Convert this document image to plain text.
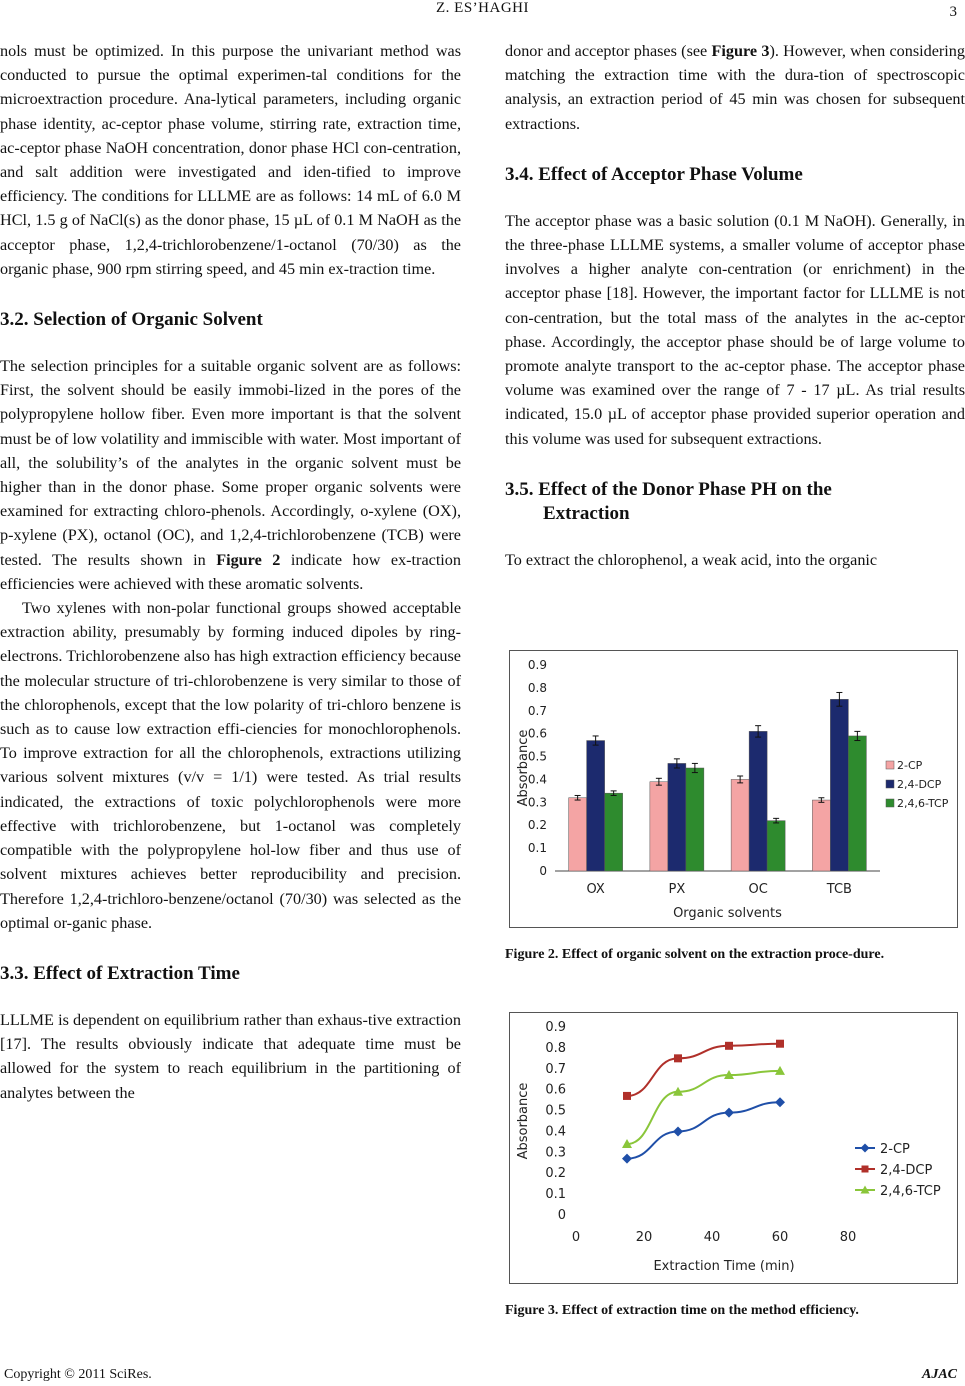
Z. ES’HAGHI	3

nols must be optimized. In this purpose the univariant method was conducted to pursue the optimal experimen-tal conditions for the microextraction procedure. Ana-lytical parameters, including organic phase identity, ac-ceptor phase volume, stirring rate, extraction time, ac-ceptor phase NaOH concentration, donor phase HCl con-centration, and salt addition were investigated and iden-tified to improve efficiency. The conditions for LLLME are as follows: 14 mL of 6.0 M HCl, 1.5 g of NaCl(s) as the donor phase, 15 µL of 0.1 M NaOH as the acceptor phase, 1,2,4-trichlorobenzene/1-octanol (70/30) as the organic phase, 900 rpm stirring speed, and 45 min ex-traction time.

3.2. Selection of Organic Solvent

The selection principles for a suitable organic solvent are as follows: First, the solvent should be easily immobi-lized in the pores of the polypropylene hollow fiber. Even more important is that the solvent must be of low volatility and immiscible with water. Most important of all, the solubility’s of the analytes in the organic solvent must be higher than in the donor phase. Some proper organic solvents were examined for extracting chloro-phenols. Accordingly, o-xylene (OX), p-xylene (PX), octanol (OC), and 1,2,4-trichlorobenzene (TCB) were tested. The results shown in Figure 2 indicate how ex-traction efficiencies were achieved with these aromatic solvents.

Two xylenes with non-polar functional groups showed acceptable extraction ability, presumably by forming induced dipoles by ring-electrons. Trichlorobenzene also has high extraction efficiency because the molecular structure of tri-chlorobenzene is very similar to those of the chlorophenols, except that the low polarity of tri-chloro benzene is such as to cause low extraction effi-ciencies for monochlorophenols. To improve extraction for all the chlorophenols, extractions utilizing various solvent mixtures (v/v = 1/1) were tested. As trial results indicated, the extractions of toxic polychlorophenols were more effective with trichlorobenzene, but 1-octanol was completely compatible with the polypropylene hol-low fiber and thus use of solvent mixtures achieves better reproducibility and precision. Therefore 1,2,4-trichloro-benzene/octanol (70/30) was selected as the optimal or-ganic phase.

3.3. Effect of Extraction Time

LLLME is dependent on equilibrium rather than exhaus-tive extraction [17]. The results obviously indicate that adequate time must be allowed for the system to reach equilibrium in the partitioning of analytes between the

donor and acceptor phases (see Figure 3). However, when considering matching the extraction time with the dura-tion of spectroscopic analysis, an extraction period of 45 min was chosen for subsequent extractions.

3.4. Effect of Acceptor Phase Volume

The acceptor phase was a basic solution (0.1 M NaOH). Generally, in the three-phase LLLME systems, a smaller volume of acceptor phase involves a higher analyte con-centration (or enrichment) in the acceptor phase [18]. However, the important factor for LLLME is not con-centration, but the total mass of the analytes in the ac-ceptor phase. Accordingly, the acceptor phase should be of large volume to promote analyte transport to the ac-ceptor phase. The acceptor phase volume was examined over the range of 7 - 17 µL. As trial results indicated, 15.0 µL of acceptor phase provided superior operation and this volume was used for subsequent extractions.

3.5. Effect of the Donor Phase PH on the
Extraction

To extract the chlorophenol, a weak acid, into the organic

0
0.1
0.2
0.3
0.4
0.5
0.6
0.7
0.8
0.9
Absorbance
OX	PX	OC	TCB
Organic solvents
2-CP
2,4-DCP
2,4,6-TCP
Figure 2. Effect of organic solvent on the extraction proce-dure.
0
0.1
0.2
0.3
0.4
0.5
0.6
0.7
0.8
0.9
0	20	40	60	80
Absorbance
Extraction Time (min)
2-CP
2,4-DCP
2,4,6-TCP
Figure 3. Effect of extraction time on the method efficiency.
Copyright © 2011 SciRes.	AJAC
